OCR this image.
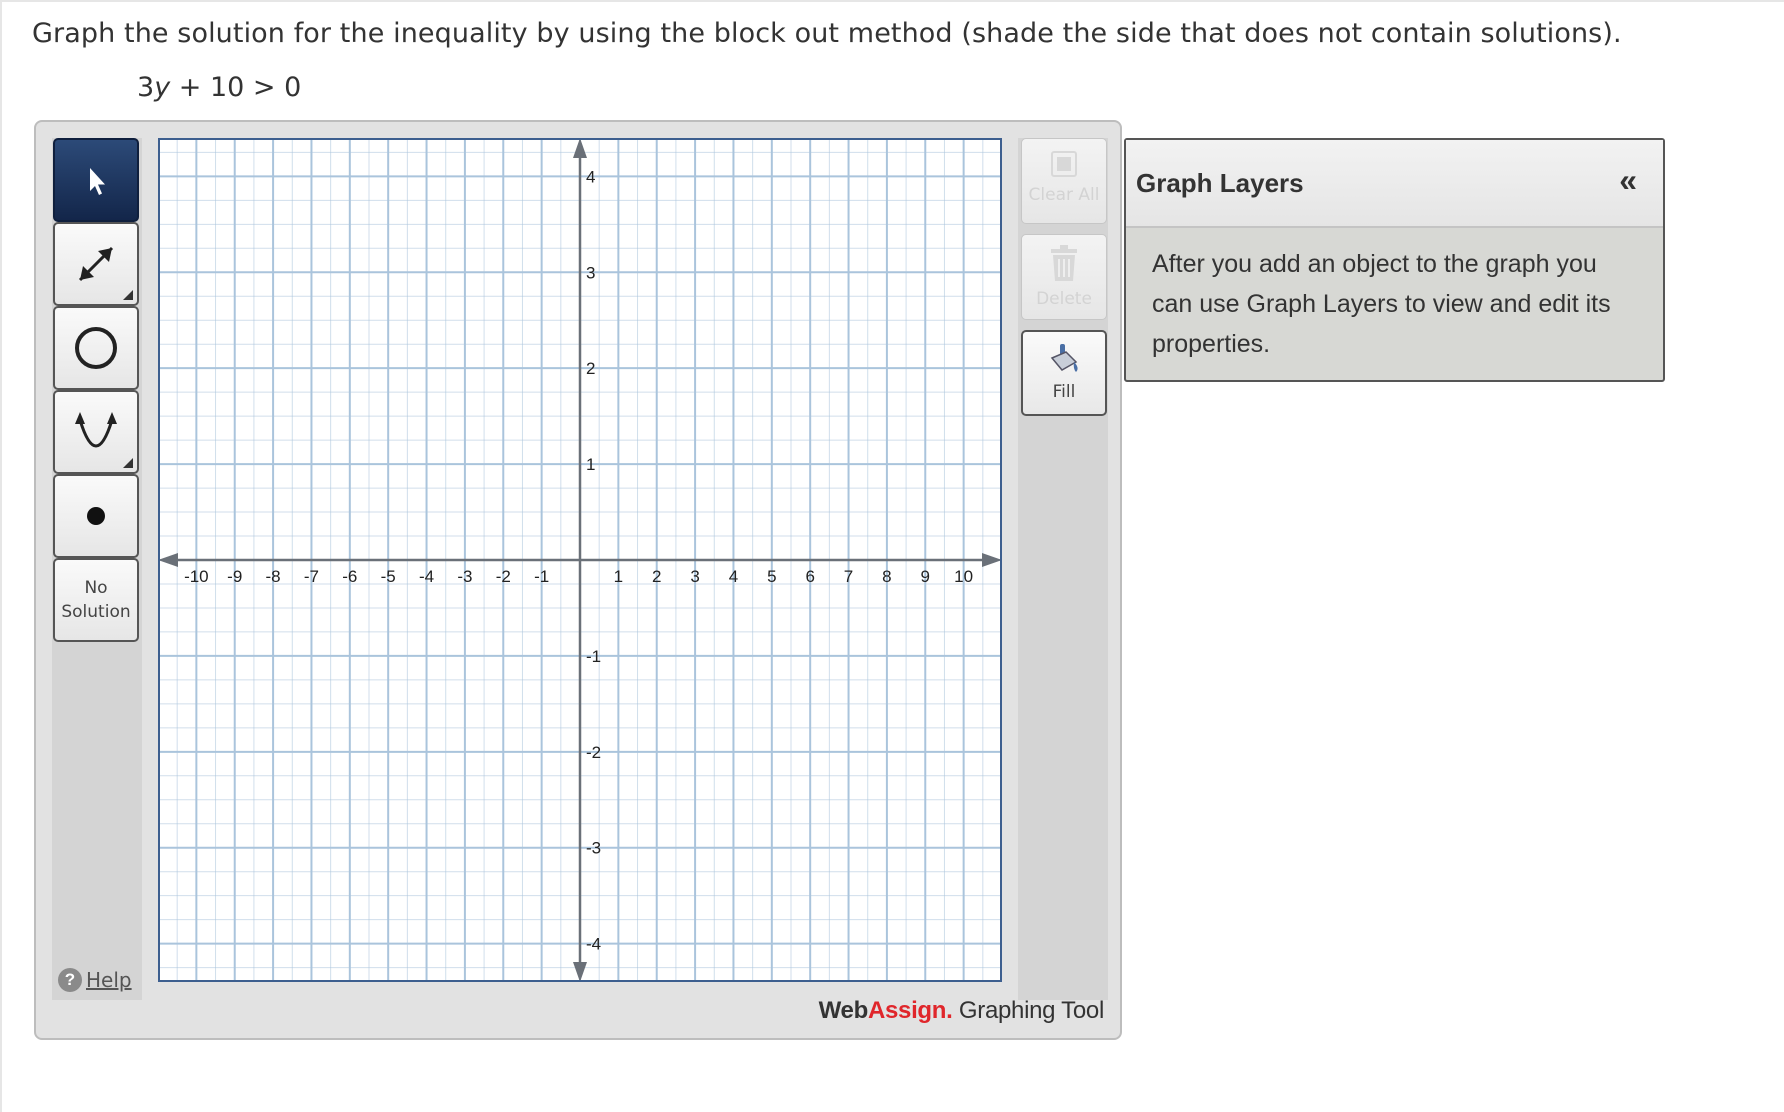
Graph the solution for the inequality by using the block out method (shade the side that does not contain solutions).
3y + 10 > 0
No
Solution
? Help
-10 -9 -8 -7 -6 -5 -4 -3 -2 -1	1 2 3 4 5 6 7 8 9 10
4
3
2
1
-1
-2
-3
-4
Clear All
Delete
Fill
WebAssign. Graphing Tool
Graph Layers	«
After you add an object to the graph you can use Graph Layers to view and edit its properties.
